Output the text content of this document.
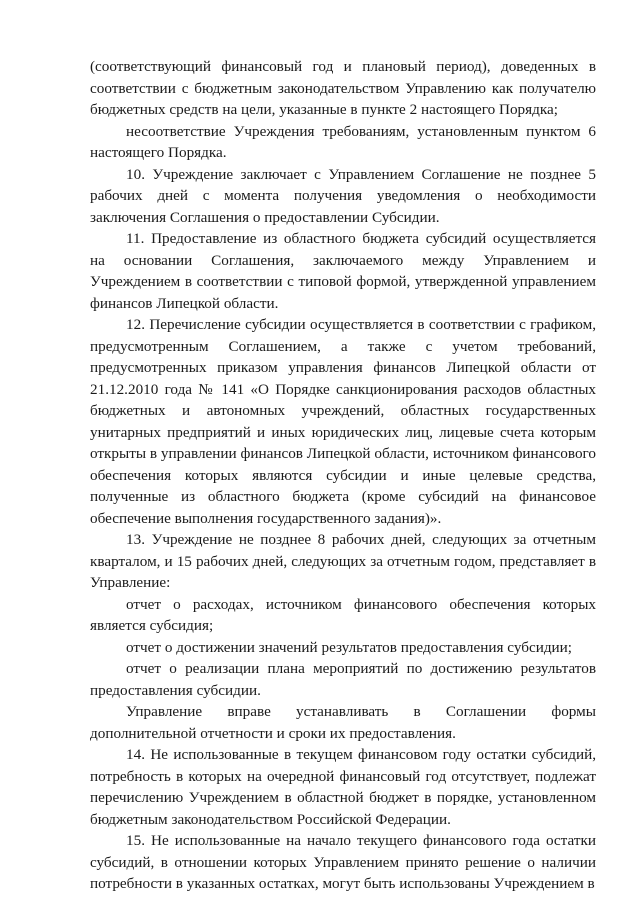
(соответствующий финансовый год и плановый период), доведенных в соответствии с бюджетным законодательством Управлению как получателю бюджетных средств на цели, указанные в пункте 2 настоящего Порядка;

несоответствие Учреждения требованиям, установленным пунктом 6 настоящего Порядка.

10. Учреждение заключает с Управлением Соглашение не позднее 5 рабочих дней с момента получения уведомления о необходимости заключения Соглашения о предоставлении Субсидии.

11. Предоставление из областного бюджета субсидий осуществляется на основании Соглашения, заключаемого между Управлением и Учреждением в соответствии с типовой формой, утвержденной управлением финансов Липецкой области.

12. Перечисление субсидии осуществляется в соответствии с графиком, предусмотренным Соглашением, а также с учетом требований, предусмотренных приказом управления финансов Липецкой области от 21.12.2010 года № 141 «О Порядке санкционирования расходов областных бюджетных и автономных учреждений, областных государственных унитарных предприятий и иных юридических лиц, лицевые счета которым открыты в управлении финансов Липецкой области, источником финансового обеспечения которых являются субсидии и иные целевые средства, полученные из областного бюджета (кроме субсидий на финансовое обеспечение выполнения государственного задания)».

13. Учреждение не позднее 8 рабочих дней, следующих за отчетным кварталом, и 15 рабочих дней, следующих за отчетным годом, представляет в Управление:

отчет о расходах, источником финансового обеспечения которых является субсидия;

отчет о достижении значений результатов предоставления субсидии;

отчет о реализации плана мероприятий по достижению результатов предоставления субсидии.

Управление вправе устанавливать в Соглашении формы дополнительной отчетности и сроки их предоставления.

14. Не использованные в текущем финансовом году остатки субсидий, потребность в которых на очередной финансовый год отсутствует, подлежат перечислению Учреждением в областной бюджет в порядке, установленном бюджетным законодательством Российской Федерации.

15. Не использованные на начало текущего финансового года остатки субсидий, в отношении которых Управлением принято решение о наличии потребности в указанных остатках, могут быть использованы Учреждением в
